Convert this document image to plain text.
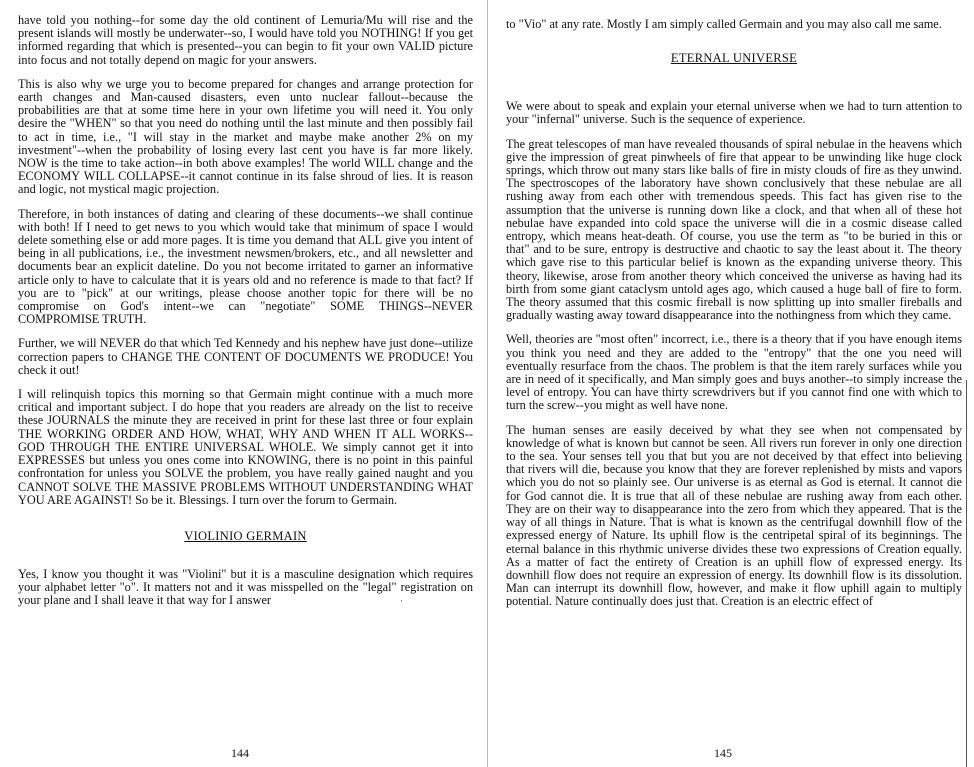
have told you nothing--for some day the old continent of Lemuria/Mu will rise and the present islands will mostly be underwater--so, I would have told you NOTHING! If you get informed regarding that which is presented--you can begin to fit your own VALID picture into focus and not totally depend on magic for your answers.

This is also why we urge you to become prepared for changes and arrange protection for earth changes and Man-caused disasters, even unto nuclear fallout--because the probabilities are that at some time here in your own lifetime you will need it. You only desire the "WHEN" so that you need do nothing until the last minute and then possibly fail to act in time, i.e., "I will stay in the market and maybe make another 2% on my investment"--when the probability of losing every last cent you have is far more likely. NOW is the time to take action--in both above examples! The world WILL change and the ECONOMY WILL COLLAPSE--it cannot continue in its false shroud of lies. It is reason and logic, not mystical magic projection.

Therefore, in both instances of dating and clearing of these documents--we shall continue with both! If I need to get news to you which would take that minimum of space I would delete something else or add more pages. It is time you demand that ALL give you intent of being in all publications, i.e., the investment newsmen/brokers, etc., and all newsletter and documents bear an explicit dateline. Do you not become irritated to garner an informative article only to have to calculate that it is years old and no reference is made to that fact? If you are to "pick" at our writings, please choose another topic for there will be no compromise on God's intent--we can "negotiate" SOME THINGS--NEVER COMPROMISE TRUTH.

Further, we will NEVER do that which Ted Kennedy and his nephew have just done--utilize correction papers to CHANGE THE CONTENT OF DOCUMENTS WE PRODUCE! You check it out!

I will relinquish topics this morning so that Germain might continue with a much more critical and important subject. I do hope that you readers are already on the list to receive these JOURNALS the minute they are received in print for these last three or four explain THE WORKING ORDER AND HOW, WHAT, WHY AND WHEN IT ALL WORKS--GOD THROUGH THE ENTIRE UNIVERSAL WHOLE. We simply cannot get it into EXPRESSES but unless you ones come into KNOWING, there is no point in this painful confrontation for unless you SOLVE the problem, you have really gained naught and you CANNOT SOLVE THE MASSIVE PROBLEMS WITHOUT UNDERSTANDING WHAT YOU ARE AGAINST! So be it. Blessings. I turn over the forum to Germain.

VIOLINIO GERMAIN

Yes, I know you thought it was "Violini" but it is a masculine designation which requires your alphabet letter "o". It matters not and it was misspelled on the "legal" registration on your plane and I shall leave it that way for I answer

144
·

to "Vio" at any rate. Mostly I am simply called Germain and you may also call me same.

ETERNAL UNIVERSE

We were about to speak and explain your eternal universe when we had to turn attention to your "infernal" universe. Such is the sequence of experience.

The great telescopes of man have revealed thousands of spiral nebulae in the heavens which give the impression of great pinwheels of fire that appear to be unwinding like huge clock springs, which throw out many stars like balls of fire in misty clouds of fire as they unwind. The spectroscopes of the laboratory have shown conclusively that these nebulae are all rushing away from each other with tremendous speeds. This fact has given rise to the assumption that the universe is running down like a clock, and that when all of these hot nebulae have expanded into cold space the universe will die in a cosmic disease called entropy, which means heat-death. Of course, you use the term as "to be buried in this or that" and to be sure, entropy is destructive and chaotic to say the least about it. The theory which gave rise to this particular belief is known as the expanding universe theory. This theory, likewise, arose from another theory which conceived the universe as having had its birth from some giant cataclysm untold ages ago, which caused a huge ball of fire to form. The theory assumed that this cosmic fireball is now splitting up into smaller fireballs and gradually wasting away toward disappearance into the nothingness from which they came.

Well, theories are "most often" incorrect, i.e., there is a theory that if you have enough items you think you need and they are added to the "entropy" that the one you need will eventually resurface from the chaos. The problem is that the item rarely surfaces while you are in need of it specifically, and Man simply goes and buys another--to simply increase the level of entropy. You can have thirty screwdrivers but if you cannot find one with which to turn the screw--you might as well have none.

The human senses are easily deceived by what they see when not compensated by knowledge of what is known but cannot be seen. All rivers run forever in only one direction to the sea. Your senses tell you that but you are not deceived by that effect into believing that rivers will die, because you know that they are forever replenished by mists and vapors which you do not so plainly see. Our universe is as eternal as God is eternal. It cannot die for God cannot die. It is true that all of these nebulae are rushing away from each other. They are on their way to disappearance into the zero from which they appeared. That is the way of all things in Nature. That is what is known as the centrifugal downhill flow of the expressed energy of Nature. Its uphill flow is the centripetal spiral of its beginnings. The eternal balance in this rhythmic universe divides these two expressions of Creation equally. As a matter of fact the entirety of Creation is an uphill flow of expressed energy. Its downhill flow does not require an expression of energy. Its downhill flow is its dissolution. Man can interrupt its downhill flow, however, and make it flow uphill again to multiply potential. Nature continually does just that. Creation is an electric effect of

145
